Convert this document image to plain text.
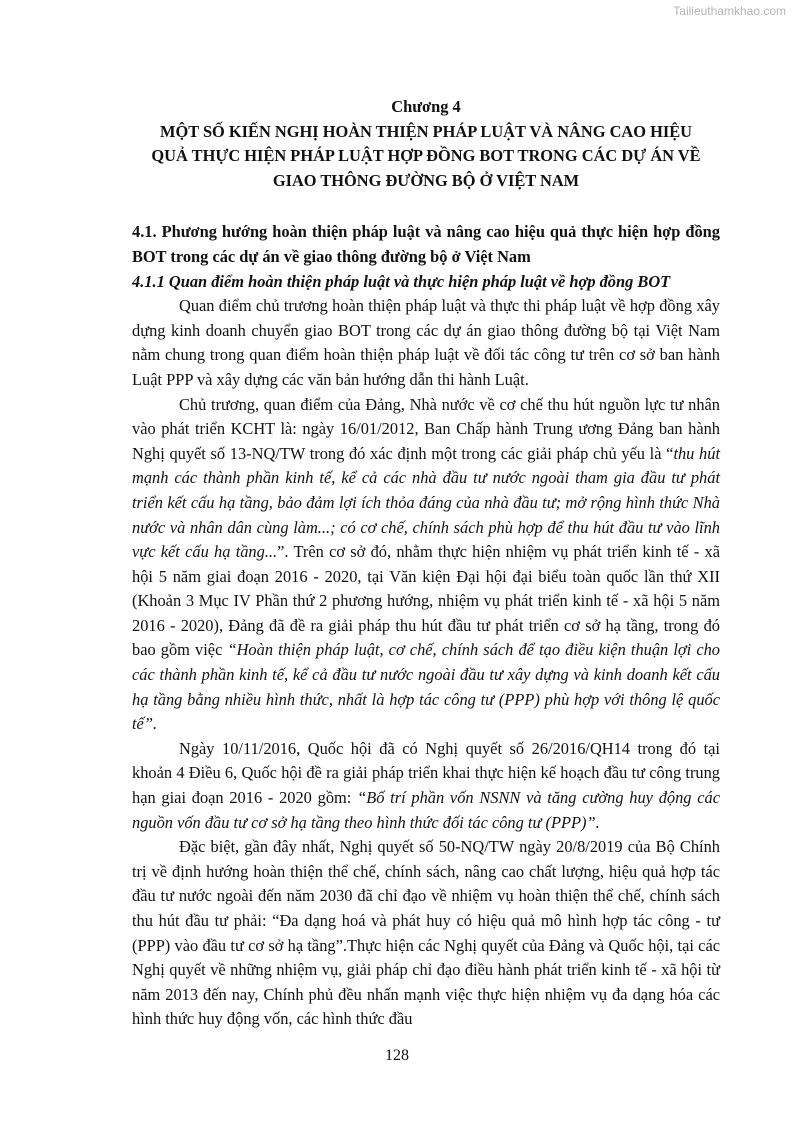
Tailieuthamkhao.com
Chương 4
MỘT SỐ KIẾN NGHỊ HOÀN THIỆN PHÁP LUẬT VÀ NÂNG CAO HIỆU
QUẢ THỰC HIỆN PHÁP LUẬT HỢP ĐỒNG BOT TRONG CÁC DỰ ÁN VỀ
GIAO THÔNG ĐƯỜNG BỘ Ở VIỆT NAM
4.1. Phương hướng hoàn thiện pháp luật và nâng cao hiệu quả thực hiện hợp đồng BOT trong các dự án về giao thông đường bộ ở Việt Nam
4.1.1 Quan điểm hoàn thiện pháp luật và thực hiện pháp luật về hợp đồng BOT

Quan điểm chủ trương hoàn thiện pháp luật và thực thi pháp luật về hợp đồng xây dựng kinh doanh chuyển giao BOT trong các dự án giao thông đường bộ tại Việt Nam nằm chung trong quan điểm hoàn thiện pháp luật về đối tác công tư trên cơ sở ban hành Luật PPP và xây dựng các văn bản hướng dẫn thi hành Luật.

Chủ trương, quan điểm của Đảng, Nhà nước về cơ chế thu hút nguồn lực tư nhân vào phát triển KCHT là: ngày 16/01/2012, Ban Chấp hành Trung ương Đảng ban hành Nghị quyết số 13-NQ/TW trong đó xác định một trong các giải pháp chủ yếu là “thu hút mạnh các thành phần kinh tế, kể cả các nhà đầu tư nước ngoài tham gia đầu tư phát triển kết cấu hạ tầng, bảo đảm lợi ích thỏa đáng của nhà đầu tư; mở rộng hình thức Nhà nước và nhân dân cùng làm...; có cơ chế, chính sách phù hợp để thu hút đầu tư vào lĩnh vực kết cấu hạ tầng...”. Trên cơ sở đó, nhằm thực hiện nhiệm vụ phát triển kinh tế - xã hội 5 năm giai đoạn 2016 - 2020, tại Văn kiện Đại hội đại biểu toàn quốc lần thứ XII (Khoản 3 Mục IV Phần thứ 2 phương hướng, nhiệm vụ phát triển kinh tế - xã hội 5 năm 2016 - 2020), Đảng đã đề ra giải pháp thu hút đầu tư phát triển cơ sở hạ tầng, trong đó bao gồm việc “Hoàn thiện pháp luật, cơ chế, chính sách để tạo điều kiện thuận lợi cho các thành phần kinh tế, kể cả đầu tư nước ngoài đầu tư xây dựng và kinh doanh kết cấu hạ tầng bằng nhiều hình thức, nhất là hợp tác công tư (PPP) phù hợp với thông lệ quốc tế”.

Ngày 10/11/2016, Quốc hội đã có Nghị quyết số 26/2016/QH14 trong đó tại khoản 4 Điều 6, Quốc hội đề ra giải pháp triển khai thực hiện kế hoạch đầu tư công trung hạn giai đoạn 2016 - 2020 gồm: “Bố trí phần vốn NSNN và tăng cường huy động các nguồn vốn đầu tư cơ sở hạ tầng theo hình thức đối tác công tư (PPP)”.

Đặc biệt, gần đây nhất, Nghị quyết số 50-NQ/TW ngày 20/8/2019 của Bộ Chính trị về định hướng hoàn thiện thể chế, chính sách, nâng cao chất lượng, hiệu quả hợp tác đầu tư nước ngoài đến năm 2030 đã chỉ đạo về nhiệm vụ hoàn thiện thể chế, chính sách thu hút đầu tư phải: “Đa dạng hoá và phát huy có hiệu quả mô hình hợp tác công - tư (PPP) vào đầu tư cơ sở hạ tầng”.Thực hiện các Nghị quyết của Đảng và Quốc hội, tại các Nghị quyết về những nhiệm vụ, giải pháp chỉ đạo điều hành phát triển kinh tế - xã hội từ năm 2013 đến nay, Chính phủ đều nhấn mạnh việc thực hiện nhiệm vụ đa dạng hóa các hình thức huy động vốn, các hình thức đầu

128
